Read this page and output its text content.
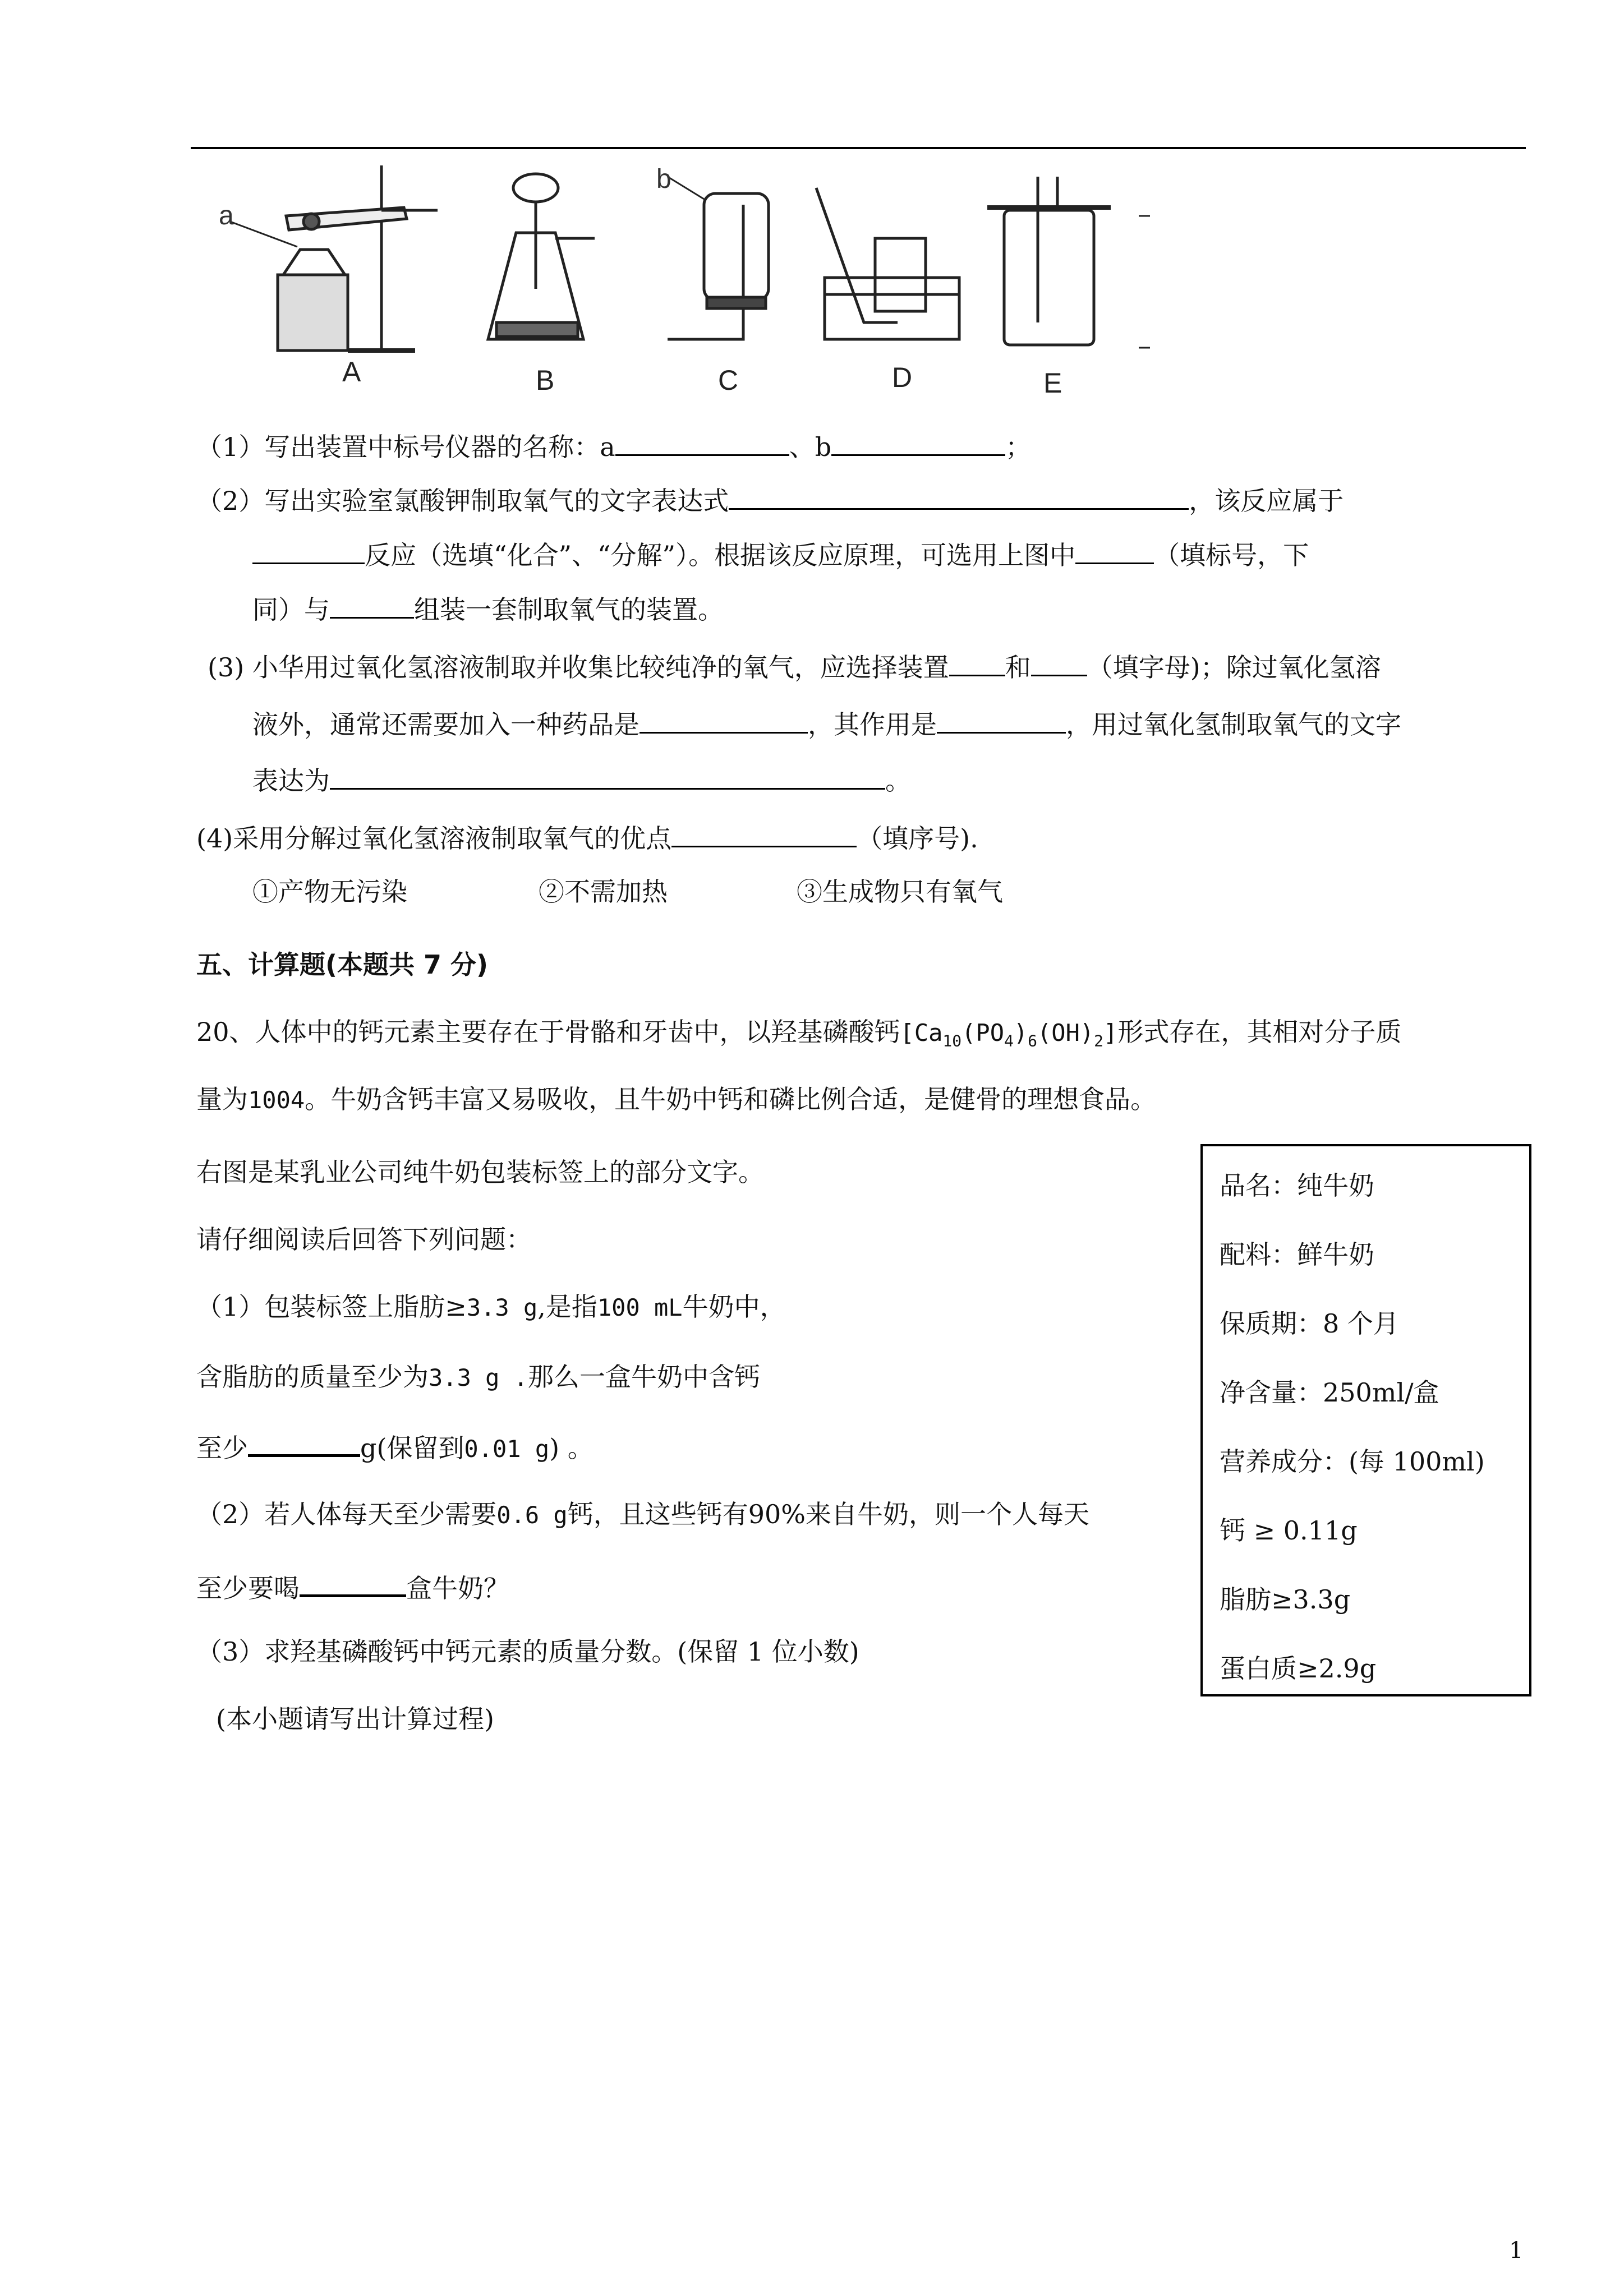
a
b
A	B	C	D	E
（1）写出装置中标号仪器的名称：a	、b	；
（2）写出实验室氯酸钾制取氧气的文字表达式	，该反应属于
反应（选填“化合”、“分解”）。根据该反应原理，可选用上图中	（填标号，下
同）与	组装一套制取氧气的装置。
(3) 小华用过氧化氢溶液制取并收集比较纯净的氧气，应选择装置 和 （填字母)；除过氧化氢溶
液外，通常还需要加入一种药品是	，其作用是	，用过氧化氢制取氧气的文字
表达为	。
(4)采用分解过氧化氢溶液制取氧气的优点	（填序号).
①产物无污染	②不需加热	③生成物只有氧气
五、计算题(本题共 7 分)
20、人体中的钙元素主要存在于骨骼和牙齿中，以羟基磷酸钙$[Ca_{10}(PO_4)_6(OH)_2]$形式存在，其相对分子质
量为1004。牛奶含钙丰富又易吸收，且牛奶中钙和磷比例合适，是健骨的理想食品。
右图是某乳业公司纯牛奶包装标签上的部分文字。
请仔细阅读后回答下列问题：
（1）包装标签上脂肪≥3.3 g,是指100 mL牛奶中，
含脂肪的质量至少为3.3 g .那么一盒牛奶中含钙
至少	g(保留到0.01 g) 。
（2）若人体每天至少需要0.6 g钙，且这些钙有90%来自牛奶，则一个人每天
至少要喝	盒牛奶？
（3）求羟基磷酸钙中钙元素的质量分数。(保留 1 位小数)
(本小题请写出计算过程)
品名：纯牛奶
配料：鲜牛奶
保质期：8 个月
净含量：250ml/盒
营养成分：(每 100ml)
钙 ≥ 0.11g
脂肪≥3.3g
蛋白质≥2.9g
1
